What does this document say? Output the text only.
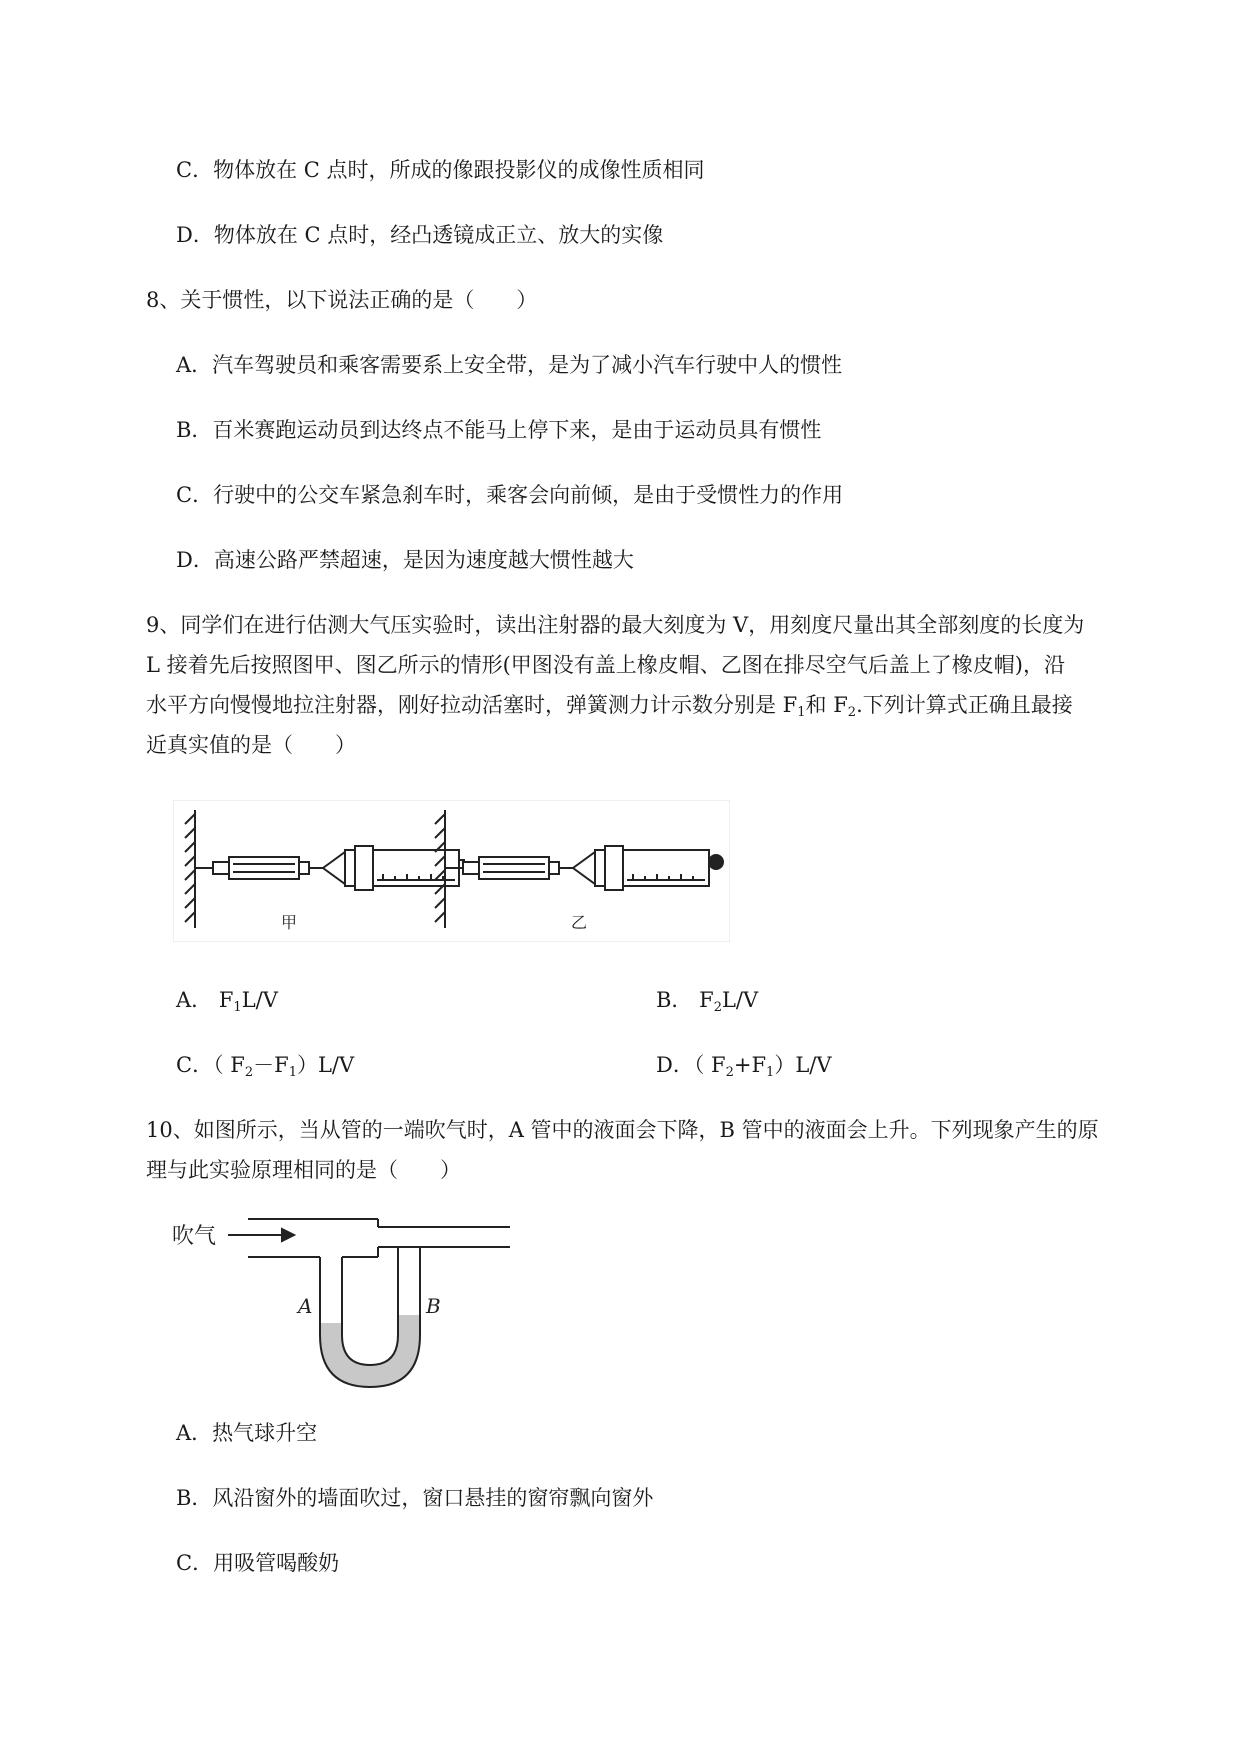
C．物体放在 C 点时，所成的像跟投影仪的成像性质相同
D．物体放在 C 点时，经凸透镜成正立、放大的实像
8、关于惯性，以下说法正确的是（　　）
A．汽车驾驶员和乘客需要系上安全带，是为了减小汽车行驶中人的惯性
B．百米赛跑运动员到达终点不能马上停下来，是由于运动员具有惯性
C．行驶中的公交车紧急刹车时，乘客会向前倾，是由于受惯性力的作用
D．高速公路严禁超速，是因为速度越大惯性越大
9、同学们在进行估测大气压实验时，读出注射器的最大刻度为 V，用刻度尺量出其全部刻度的长度为
L 接着先后按照图甲、图乙所示的情形(甲图没有盖上橡皮帽、乙图在排尽空气后盖上了橡皮帽)，沿
水平方向慢慢地拉注射器，刚好拉动活塞时，弹簧测力计示数分别是 $F_1$和 $F_2$.下列计算式正确且最接
近真实值的是（　　）
甲	乙
A． $F_1L/V$	B． $F_2L/V$
C．（ $F_2-F_1)L/V$	D．（ $F_2+F_1)L/V$
10、如图所示，当从管的一端吹气时，A 管中的液面会下降，B 管中的液面会上升。下列现象产生的原
理与此实验原理相同的是（　　）
吹气
A	B
A．热气球升空
B．风沿窗外的墙面吹过，窗口悬挂的窗帘飘向窗外
C．用吸管喝酸奶
